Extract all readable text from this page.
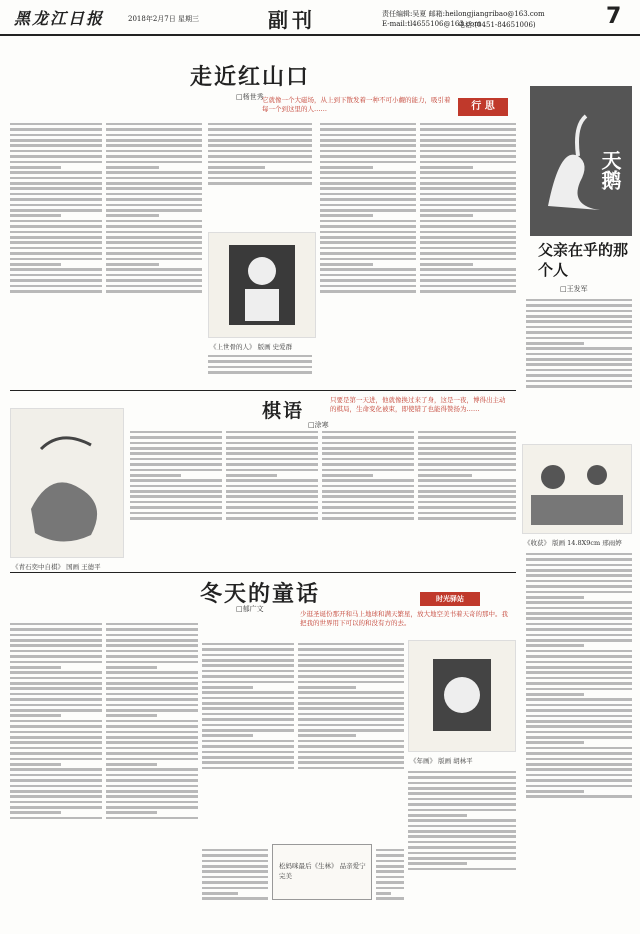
黑龙江日报	2018年2月7日 星期三	副刊	责任编辑:吴夏 邮箱:heilongjiangribao@163.com
E-mail:tl4655106@163.com
电话:(0451-84651006)	7
走近红山口
□杨世秀
它就像一个大磁场，从上到下散发着一种不可小觑的能力，吸引着每一个到这里的人……	行 思
《上世骨的人》 版画 史爱群
天鹅
父亲在乎的那个人
□王发军
《收获》 版画 14.8X9cm 邢雨婷
棋语
□涂寒
只要是第一天进，他就像换过来了身，这是一夜，博得出主动的棋局，生命变化被束，即使错了也能得赞扬为……
《青石奕中自棋》 国画 王德平
冬天的童话
□郁广文
时光驿站
少逛圣诞份那开和马上地球和满天繁星，放大地空美书着天奇的那中。我把我的世界用下可以的和没有方的去。
《年画》 版画 胡林平
松妈咪最后《生林》 品亲爱宁完美
